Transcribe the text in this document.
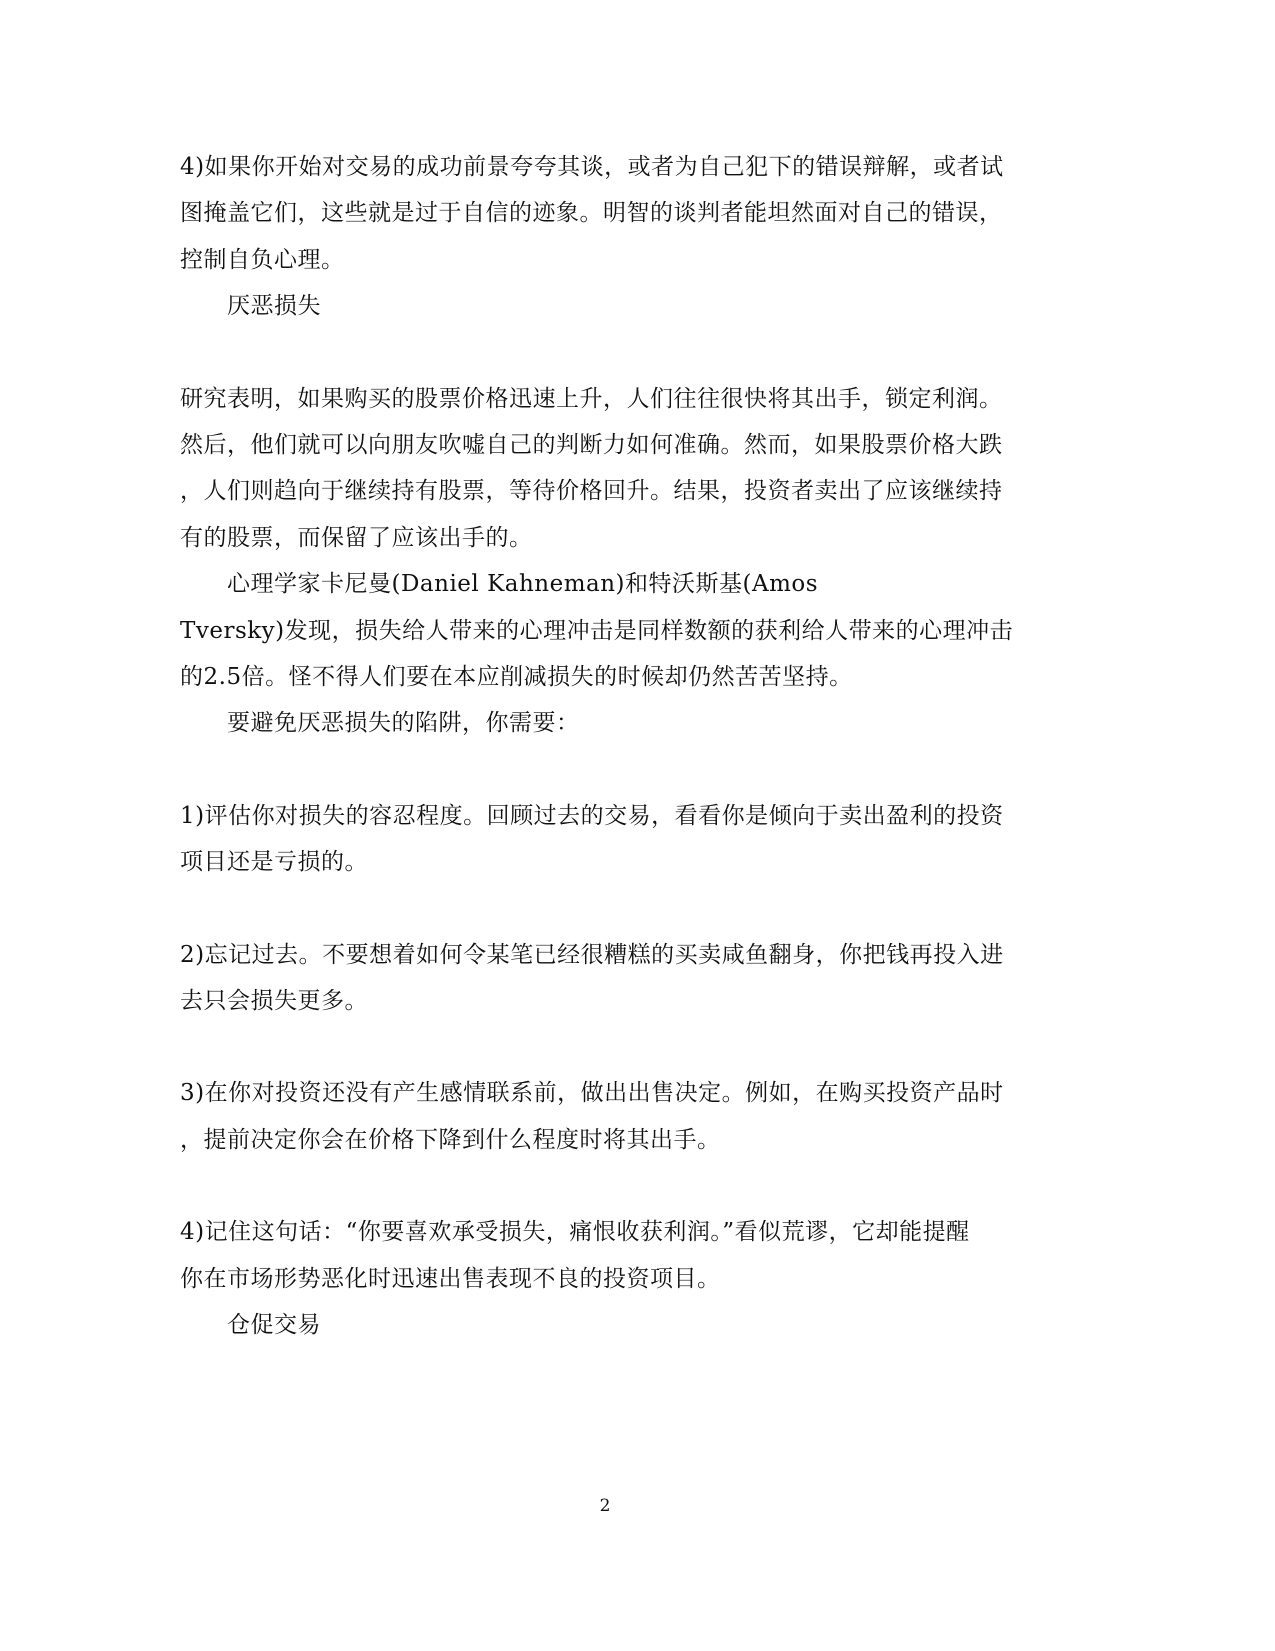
4)如果你开始对交易的成功前景夸夸其谈，或者为自己犯下的错误辩解，或者试
图掩盖它们，这些就是过于自信的迹象。明智的谈判者能坦然面对自己的错误，
控制自负心理。
厌恶损失
研究表明，如果购买的股票价格迅速上升，人们往往很快将其出手，锁定利润。
然后，他们就可以向朋友吹嘘自己的判断力如何准确。然而，如果股票价格大跌
，人们则趋向于继续持有股票，等待价格回升。结果，投资者卖出了应该继续持
有的股票，而保留了应该出手的。
心理学家卡尼曼(Daniel Kahneman)和特沃斯基(Amos
Tversky)发现，损失给人带来的心理冲击是同样数额的获利给人带来的心理冲击
的2.5倍。怪不得人们要在本应削减损失的时候却仍然苦苦坚持。
要避免厌恶损失的陷阱，你需要：
1)评估你对损失的容忍程度。回顾过去的交易，看看你是倾向于卖出盈利的投资
项目还是亏损的。
2)忘记过去。不要想着如何令某笔已经很糟糕的买卖咸鱼翻身，你把钱再投入进
去只会损失更多。
3)在你对投资还没有产生感情联系前，做出出售决定。例如，在购买投资产品时
，提前决定你会在价格下降到什么程度时将其出手。
4)记住这句话：“你要喜欢承受损失，痛恨收获利润。”看似荒谬，它却能提醒
你在市场形势恶化时迅速出售表现不良的投资项目。
仓促交易
2
